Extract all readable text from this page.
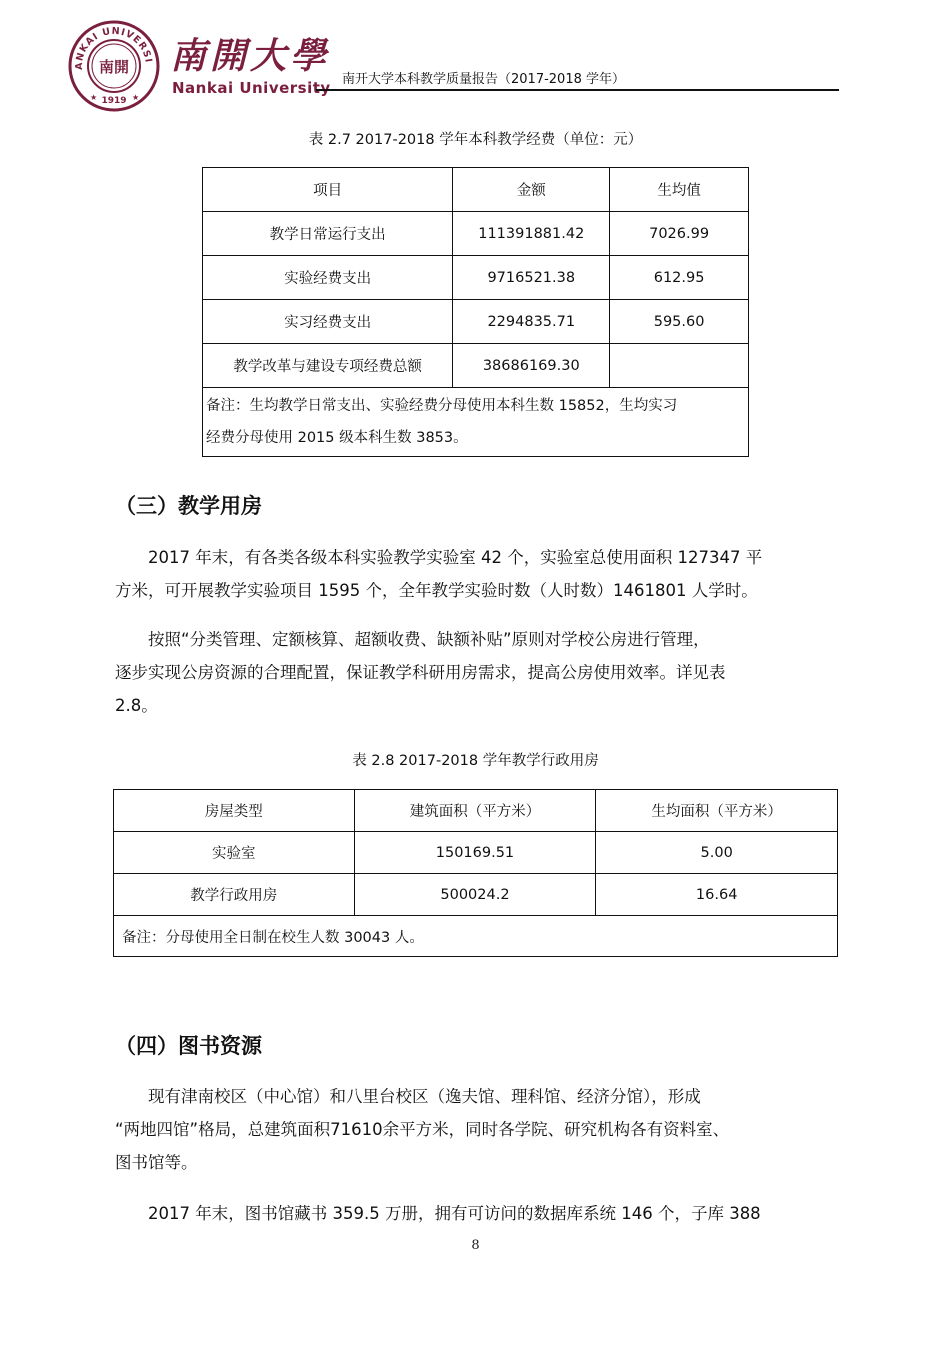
ANKAI UNIVERSI
南開
1919
★	★
南開大學
Nankai University 南开大学本科教学质量报告（2017-2018 学年）
表 2.7 2017-2018 学年本科教学经费（单位：元）
项目	金额	生均值
教学日常运行支出	111391881.42	7026.99
实验经费支出	9716521.38	612.95
实习经费支出	2294835.71	595.60
教学改革与建设专项经费总额	38686169.30	

备注：生均教学日常支出、实验经费分母使用本科生数 15852，生均实习
经费分母使用 2015 级本科生数 3853。		
（三）教学用房
2017 年末，有各类各级本科实验教学实验室 42 个，实验室总使用面积 127347 平
方米，可开展教学实验项目 1595 个，全年教学实验时数（人时数）1461801 人学时。
按照“分类管理、定额核算、超额收费、缺额补贴”原则对学校公房进行管理，
逐步实现公房资源的合理配置，保证教学科研用房需求，提高公房使用效率。详见表
2.8。
表 2.8 2017-2018 学年教学行政用房
房屋类型	建筑面积（平方米）	生均面积（平方米）
实验室	150169.51	5.00
教学行政用房	500024.2	16.64
备注：分母使用全日制在校生人数 30043 人。		
（四）图书资源
现有津南校区（中心馆）和八里台校区（逸夫馆、理科馆、经济分馆），形成
“两地四馆”格局，总建筑面积71610余平方米，同时各学院、研究机构各有资料室、
图书馆等。
2017 年末，图书馆藏书 359.5 万册，拥有可访问的数据库系统 146 个，子库 388
8
